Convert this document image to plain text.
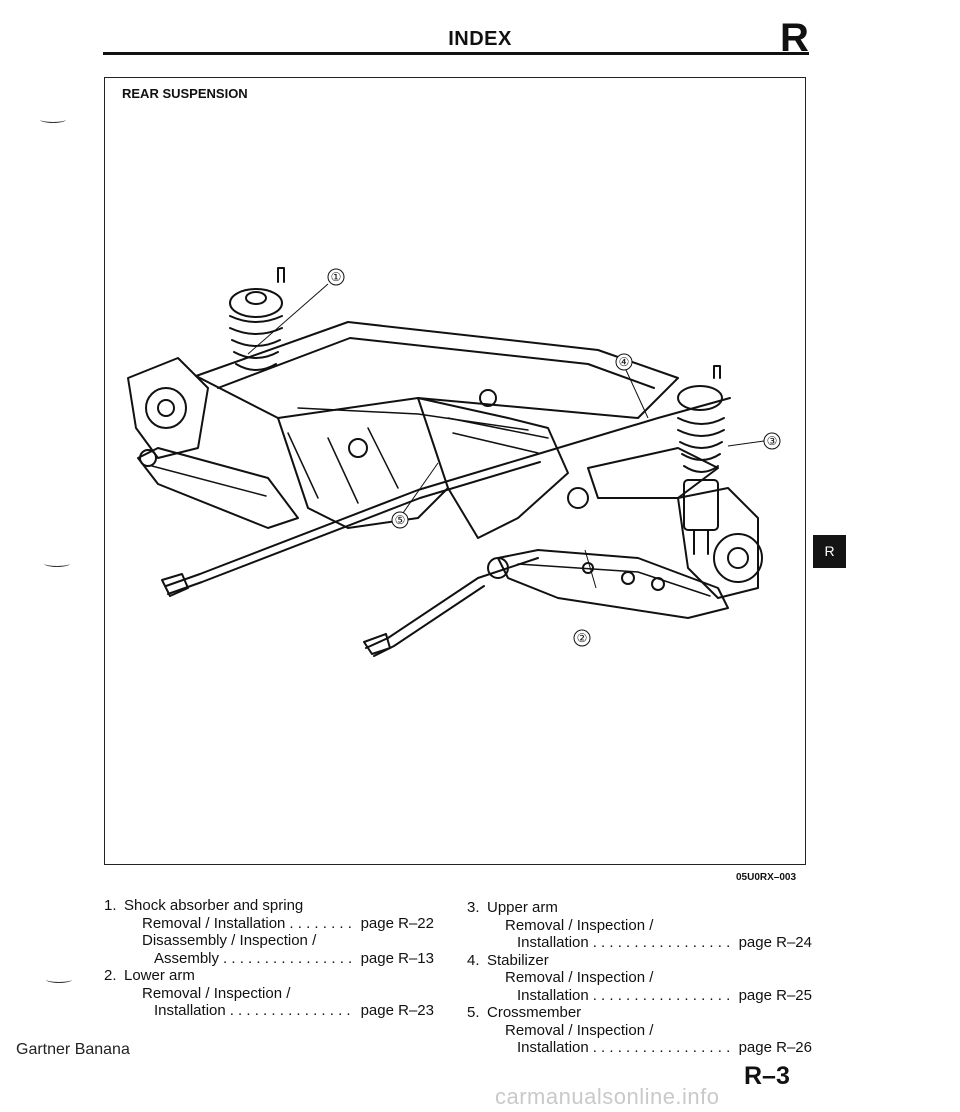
INDEX	R
REAR SUSPENSION
①
②
③
④
⑤
05U0RX–003
R
1. Shock absorber and spring
Removal / Installation . . .	page R–22
Disassembly / Inspection /
Assembly . . .	page R–13
2. Lower arm
Removal / Inspection /
Installation . . .	page R–23
3. Upper arm
Removal / Inspection /
Installation . . .	page R–24
4. Stabilizer
Removal / Inspection /
Installation . . .	page R–25
5. Crossmember
Removal / Inspection /
Installation . . .	page R–26
Gartner Banana
R–3
carmanualsonline.info
